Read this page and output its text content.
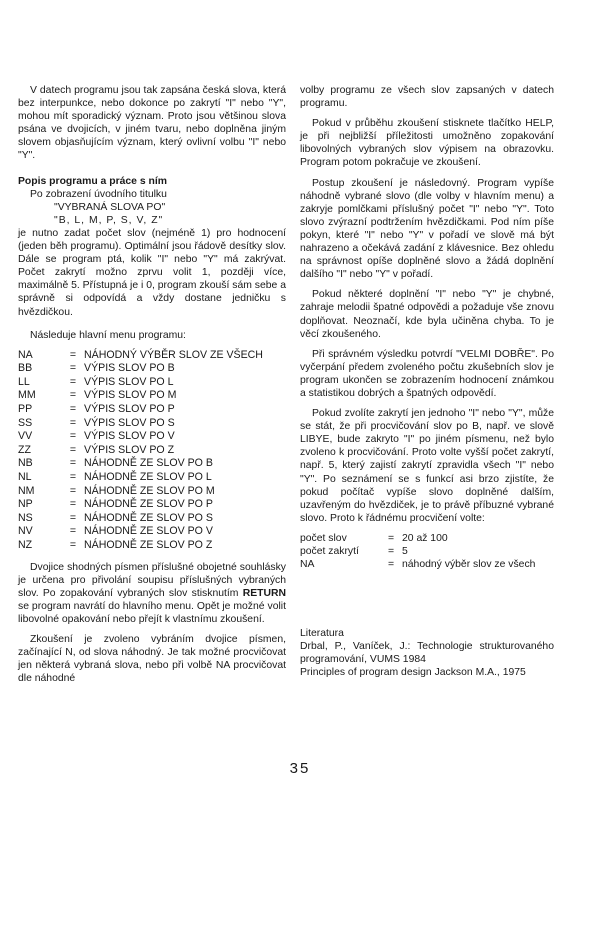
V datech programu jsou tak zapsána česká slova, která bez interpunkce, nebo dokonce po zakrytí "I" nebo "Y", mohou mít sporadický význam. Proto jsou většinou slova psána ve dvojicích, v jiném tvaru, nebo doplněna jiným slovem objasňujícím význam, který ovlivní volbu "I" nebo "Y".

Popis programu a práce s ním

Po zobrazení úvodního titulku

"VYBRANÁ SLOVA PO"

"B, L, M, P, S, V, Z"

je nutno zadat počet slov (nejméně 1) pro hodnocení (jeden běh programu). Optimální jsou řádově desítky slov. Dále se program ptá, kolik "I" nebo "Y" má zakrývat. Počet zakrytí možno zprvu volit 1, později více, maximálně 5. Přístupná je i 0, program zkouší sám sebe a správně si odpovídá a vždy dostane jedničku s hvězdičkou.

Následuje hlavní menu programu:

NA	=	NÁHODNÝ VÝBĚR SLOV ZE VŠECH
BB	=	VÝPIS SLOV PO B
LL	=	VÝPIS SLOV PO L
MM	=	VÝPIS SLOV PO M
PP	=	VÝPIS SLOV PO P
SS	=	VÝPIS SLOV PO S
VV	=	VÝPIS SLOV PO V
ZZ	=	VÝPIS SLOV PO Z
NB	=	NÁHODNĚ ZE SLOV PO B
NL	=	NÁHODNĚ ZE SLOV PO L
NM	=	NÁHODNĚ ZE SLOV PO M
NP	=	NÁHODNĚ ZE SLOV PO P
NS	=	NÁHODNĚ ZE SLOV PO S
NV	=	NÁHODNĚ ZE SLOV PO V
NZ	=	NÁHODNĚ ZE SLOV PO Z

Dvojice shodných písmen příslušné obojetné souhlásky je určena pro přivolání soupisu příslušných vybraných slov. Po zopakování vybraných slov stisknutím RETURN se program navrátí do hlavního menu. Opět je možné volit libovolné opakování nebo přejít k vlastnímu zkoušení.

Zkoušení je zvoleno vybráním dvojice písmen, začínající N, od slova náhodný. Je tak možné procvičovat jen některá vybraná slova, nebo při volbě NA procvičovat dle náhodné

volby programu ze všech slov zapsaných v datech programu.

Pokud v průběhu zkoušení stisknete tlačítko HELP, je při nejbližší příležitosti umožněno zopakování libovolných vybraných slov výpisem na obrazovku. Program potom pokračuje ve zkoušení.

Postup zkoušení je následovný. Program vypíše náhodně vybrané slovo (dle volby v hlavním menu) a zakryje pomlčkami příslušný počet "I" nebo "Y". Toto slovo zvýrazní podtržením hvězdičkami. Pod ním píše pokyn, které "I" nebo "Y" v pořadí ve slově má být nahrazeno a očekává zadání z klávesnice. Bez ohledu na správnost opíše doplněné slovo a žádá doplnění dalšího "I" nebo "Y" v pořadí.

Pokud některé doplnění "I" nebo "Y" je chybné, zahraje melodii špatné odpovědi a požaduje vše znovu doplňovat. Neoznačí, kde byla učiněna chyba. To je věcí zkoušeného.

Při správném výsledku potvrdí "VELMI DOBŘE". Po vyčerpání předem zvoleného počtu zkušebních slov je program ukončen se zobrazením hodnocení známkou a statistikou dobrých a špatných odpovědí.

Pokud zvolíte zakrytí jen jednoho "I" nebo "Y", může se stát, že při procvičování slov po B, např. ve slově LIBYE, bude zakryto "I" po jiném písmenu, než bylo zvoleno k procvičování. Proto volte vyšší počet zakrytí, např. 5, který zajistí zakrytí zpravidla všech "I" nebo "Y". Po seznámení se s funkcí asi brzo zjistíte, že pokud počítač vypíše slovo doplněné dalším, uzavřeným do hvězdiček, je to právě příbuzné vybrané slovo. Proto k řádnému procvičení volte:

počet slov	=	20 až 100
počet zakrytí	=	5
NA	=	náhodný výběr slov ze všech

Literatura

Drbal, P., Vaníček, J.: Technologie strukturovaného programování, VUMS 1984

Principles of program design Jackson M.A., 1975

35
